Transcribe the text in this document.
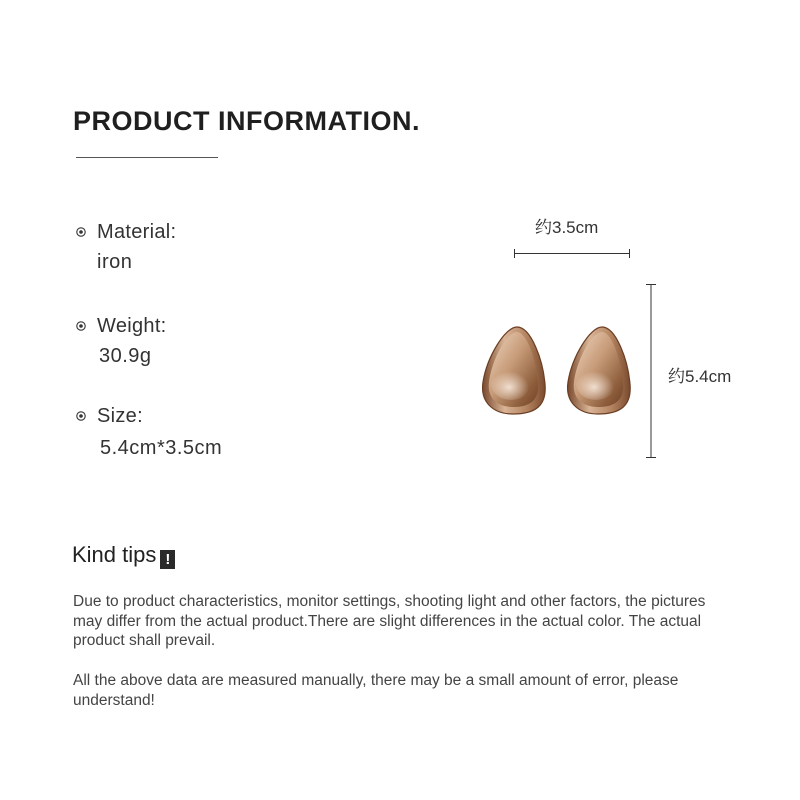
PRODUCT INFORMATION.
Material:
iron
Weight:
30.9g
Size:
5.4cm*3.5cm
约3.5cm
约5.4cm
Kind tips !
Due to product characteristics, monitor settings, shooting light and other factors, the pictures may differ from the actual product.There are slight differences in the actual color. The actual product shall prevail.
All the above data are measured manually, there may be a small amount of error, please understand!
